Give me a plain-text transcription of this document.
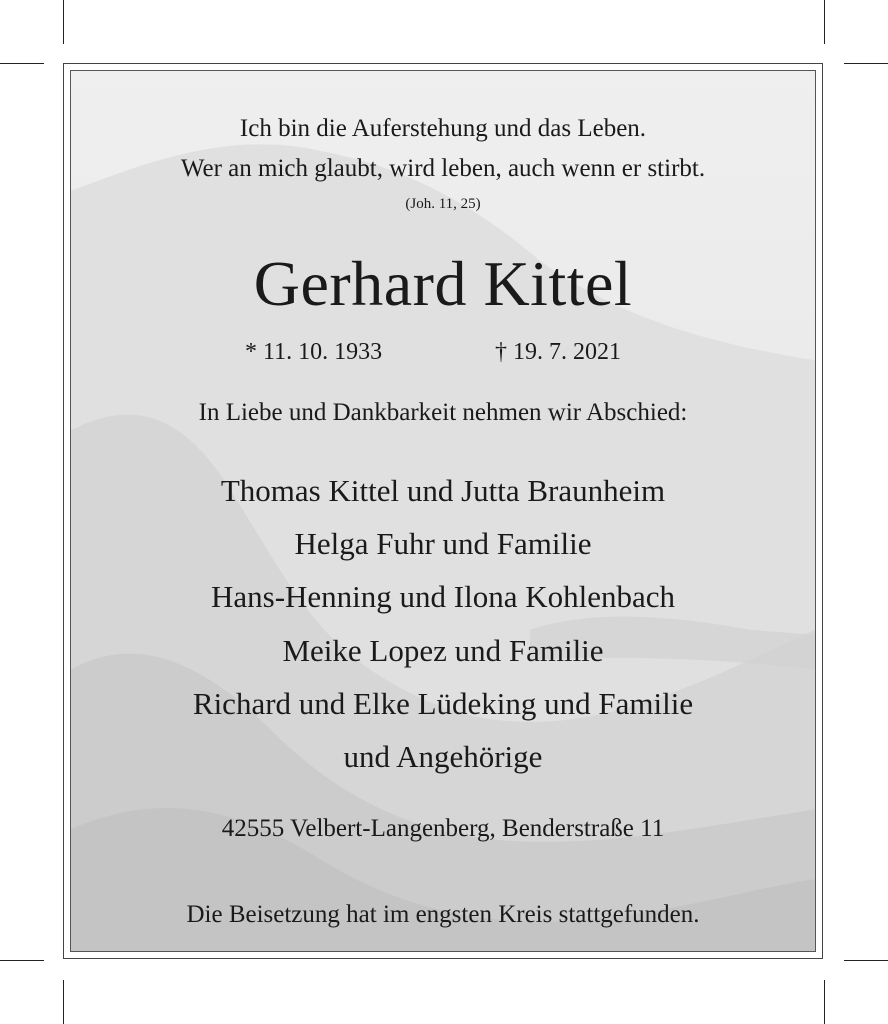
Ich bin die Auferstehung und das Leben.
Wer an mich glaubt, wird leben, auch wenn er stirbt.
(Joh. 11, 25)
Gerhard Kittel
* 11. 10. 1933	† 19. 7. 2021
In Liebe und Dankbarkeit nehmen wir Abschied:
Thomas Kittel und Jutta Braunheim
Helga Fuhr und Familie
Hans-Henning und Ilona Kohlenbach
Meike Lopez und Familie
Richard und Elke Lüdeking und Familie
und Angehörige
42555 Velbert-Langenberg, Benderstraße 11
Die Beisetzung hat im engsten Kreis stattgefunden.
